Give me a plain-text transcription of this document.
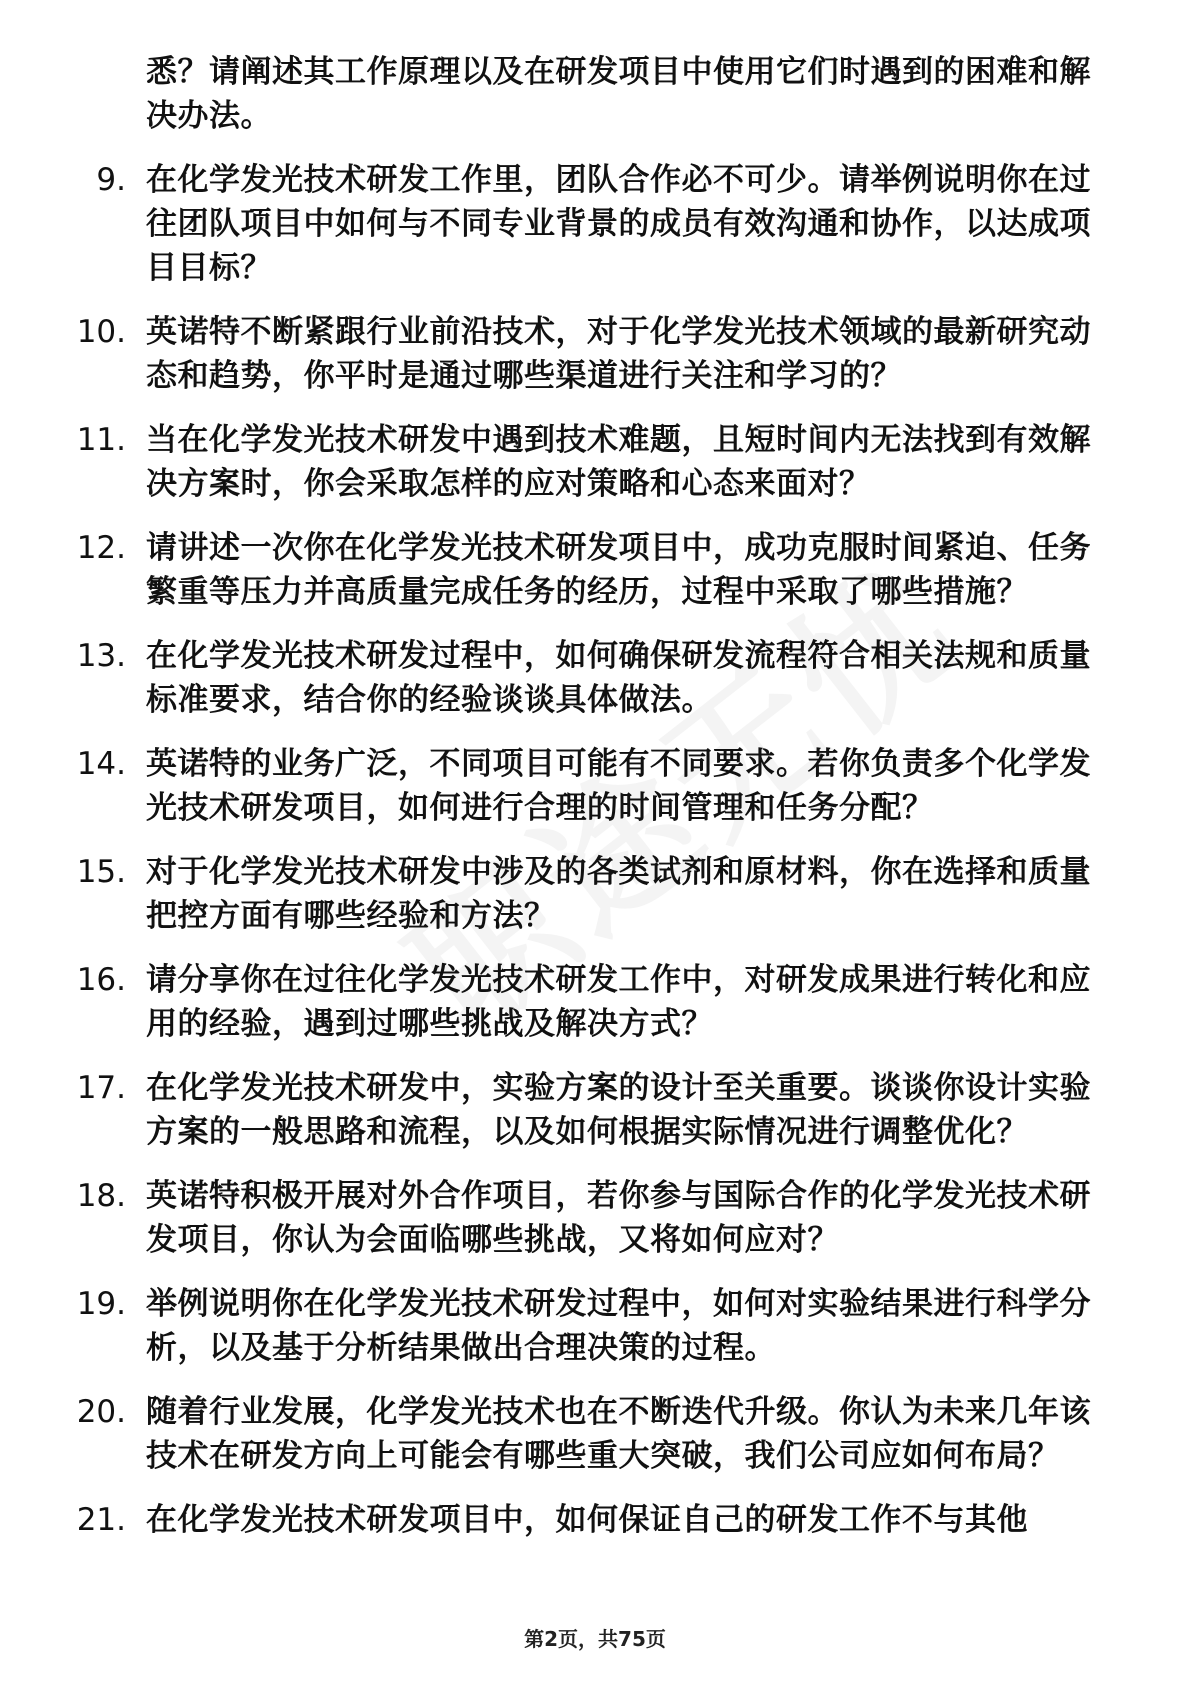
悉？请阐述其工作原理以及在研发项目中使用它们时遇到的困难和解决办法。
9. 在化学发光技术研发工作里，团队合作必不可少。请举例说明你在过往团队项目中如何与不同专业背景的成员有效沟通和协作，以达成项目目标？
10. 英诺特不断紧跟行业前沿技术，对于化学发光技术领域的最新研究动态和趋势，你平时是通过哪些渠道进行关注和学习的？
11. 当在化学发光技术研发中遇到技术难题，且短时间内无法找到有效解决方案时，你会采取怎样的应对策略和心态来面对？
12. 请讲述一次你在化学发光技术研发项目中，成功克服时间紧迫、任务繁重等压力并高质量完成任务的经历，过程中采取了哪些措施？
13. 在化学发光技术研发过程中，如何确保研发流程符合相关法规和质量标准要求，结合你的经验谈谈具体做法。
14. 英诺特的业务广泛，不同项目可能有不同要求。若你负责多个化学发光技术研发项目，如何进行合理的时间管理和任务分配？
15. 对于化学发光技术研发中涉及的各类试剂和原材料，你在选择和质量把控方面有哪些经验和方法？
16. 请分享你在过往化学发光技术研发工作中，对研发成果进行转化和应用的经验，遇到过哪些挑战及解决方式？
17. 在化学发光技术研发中，实验方案的设计至关重要。谈谈你设计实验方案的一般思路和流程，以及如何根据实际情况进行调整优化？
18. 英诺特积极开展对外合作项目，若你参与国际合作的化学发光技术研发项目，你认为会面临哪些挑战，又将如何应对？
19. 举例说明你在化学发光技术研发过程中，如何对实验结果进行科学分析，以及基于分析结果做出合理决策的过程。
20. 随着行业发展，化学发光技术也在不断迭代升级。你认为未来几年该技术在研发方向上可能会有哪些重大突破，我们公司应如何布局？
21. 在化学发光技术研发项目中，如何保证自己的研发工作不与其他
第2页，共75页
